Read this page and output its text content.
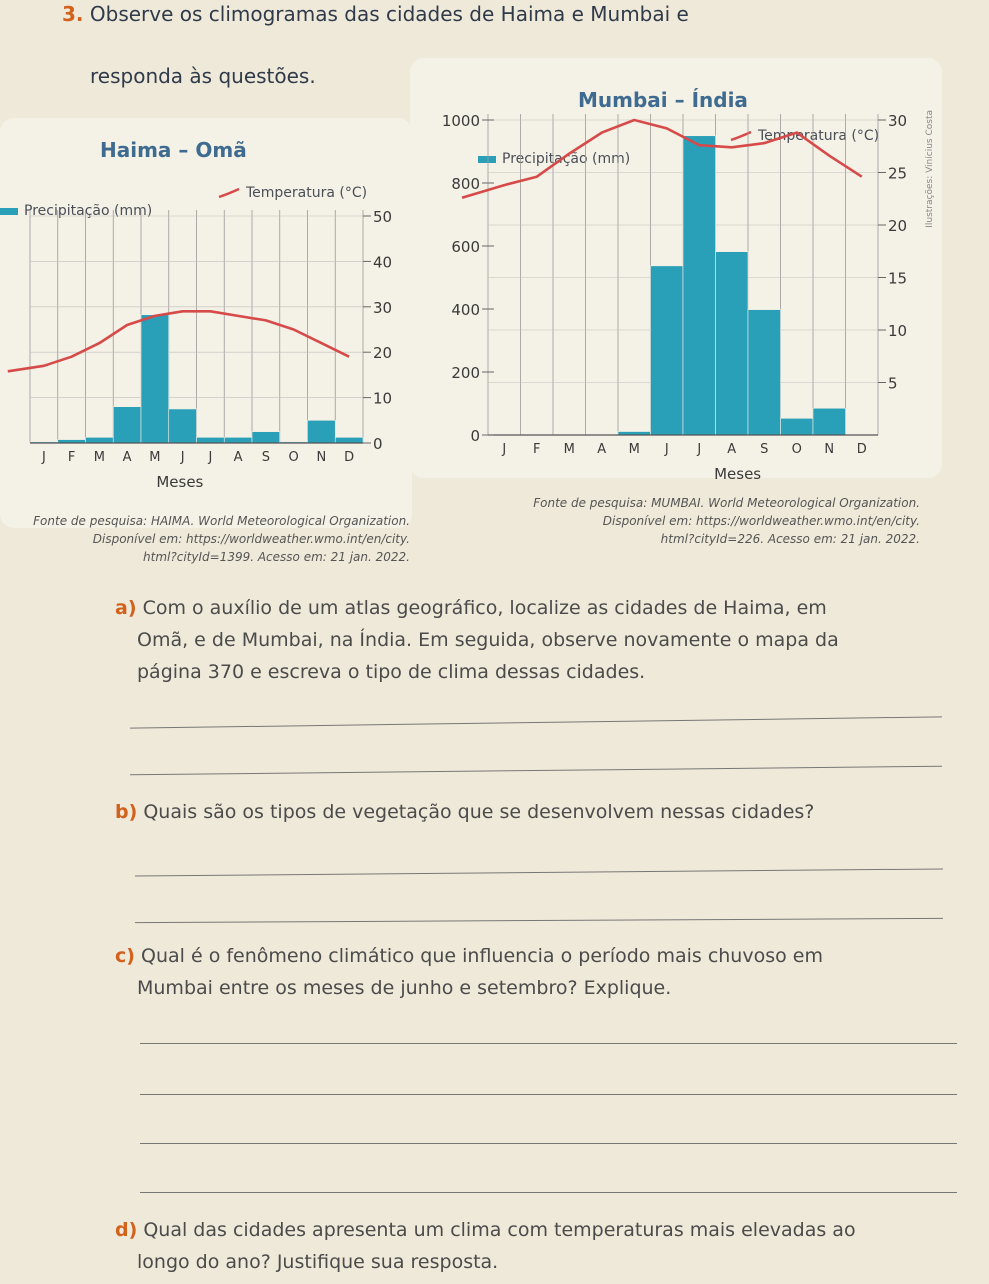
3. Observe os climogramas das cidades de Haima e Mumbai e
responda às questões.
Haima – Omã
Precipitação (mm)
Temperatura (°C)
0
10
20
30
40
50
J F M A M J J A S O N D
Meses
Mumbai – Índia
Precipitação (mm)
Temperatura (°C)
5
10
15
20
25
30
0
200
400
600
800
1000
J F M A M J J A S O N D
Meses
Ilustrações: Vinícius Costa
Fonte de pesquisa: HAIMA. World Meteorological Organization.
Disponível em: https://worldweather.wmo.int/en/city.
html?cityId=1399. Acesso em: 21 jan. 2022.
Fonte de pesquisa: MUMBAI. World Meteorological Organization.
Disponível em: https://worldweather.wmo.int/en/city.
html?cityId=226. Acesso em: 21 jan. 2022.
a) Com o auxílio de um atlas geográfico, localize as cidades de Haima, em
Omã, e de Mumbai, na Índia. Em seguida, observe novamente o mapa da
página 370 e escreva o tipo de clima dessas cidades.
b) Quais são os tipos de vegetação que se desenvolvem nessas cidades?
c) Qual é o fenômeno climático que influencia o período mais chuvoso em
Mumbai entre os meses de junho e setembro? Explique.
d) Qual das cidades apresenta um clima com temperaturas mais elevadas ao
longo do ano? Justifique sua resposta.
